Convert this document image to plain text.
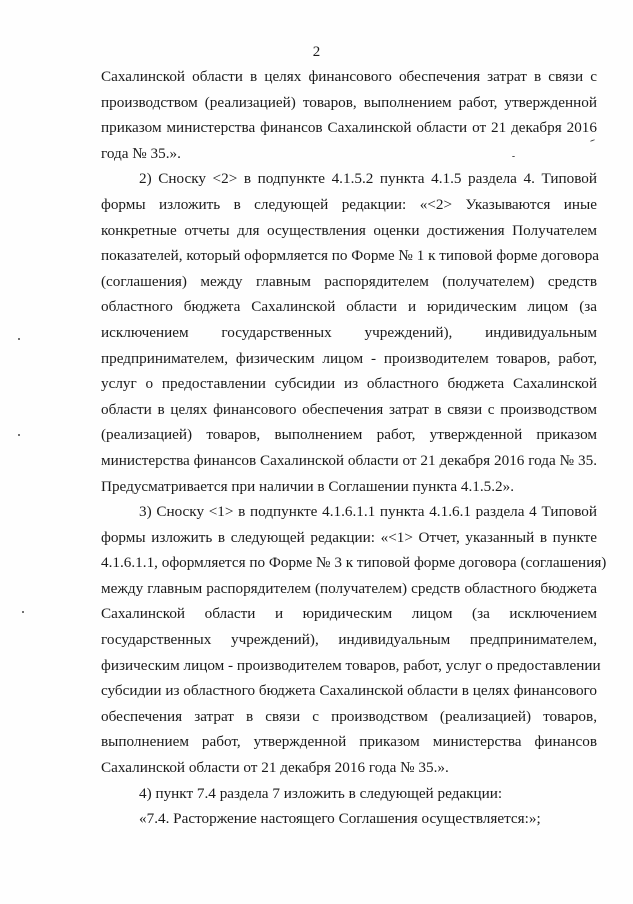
2

Сахалинской области в целях финансового обеспечения затрат в связи с
производством (реализацией) товаров, выполнением работ, утвержденной
приказом министерства финансов Сахалинской области от 21 декабря 2016
года № 35.».

2) Сноску <2> в подпункте 4.1.5.2 пункта 4.1.5 раздела 4. Типовой
формы изложить в следующей редакции: «<2> Указываются иные
конкретные отчеты для осуществления оценки достижения Получателем
показателей, который оформляется по Форме № 1 к типовой форме договора
(соглашения) между главным распорядителем (получателем) средств
областного бюджета Сахалинской области и юридическим лицом (за
исключением государственных учреждений), индивидуальным
предпринимателем, физическим лицом - производителем товаров, работ,
услуг о предоставлении субсидии из областного бюджета Сахалинской
области в целях финансового обеспечения затрат в связи с производством
(реализацией) товаров, выполнением работ, утвержденной приказом
министерства финансов Сахалинской области от 21 декабря 2016 года № 35.
Предусматривается при наличии в Соглашении пункта 4.1.5.2».

3) Сноску <1> в подпункте 4.1.6.1.1 пункта 4.1.6.1 раздела 4 Типовой
формы изложить в следующей редакции: «<1> Отчет, указанный в пункте
4.1.6.1.1, оформляется по Форме № 3 к типовой форме договора (соглашения)
между главным распорядителем (получателем) средств областного бюджета
Сахалинской области и юридическим лицом (за исключением
государственных учреждений), индивидуальным предпринимателем,
физическим лицом - производителем товаров, работ, услуг о предоставлении
субсидии из областного бюджета Сахалинской области в целях финансового
обеспечения затрат в связи с производством (реализацией) товаров,
выполнением работ, утвержденной приказом министерства финансов
Сахалинской области от 21 декабря 2016 года № 35.».

4) пункт 7.4 раздела 7 изложить в следующей редакции:

«7.4. Расторжение настоящего Соглашения осуществляется:»;
